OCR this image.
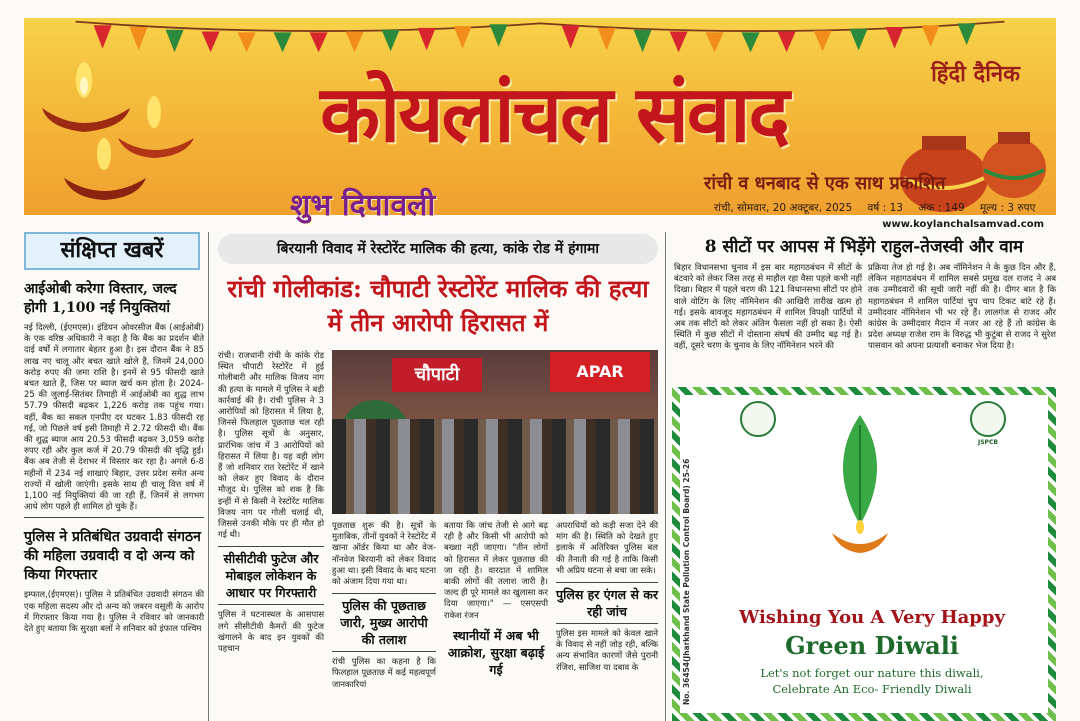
कोयलांचल संवाद	हिंदी दैनिक
शुभ दिपावली
रांची व धनबाद से एक साथ प्रकाशित
रांची, सोमवार, 20 अक्टूबर, 2025 वर्ष : 13 अंक : 149 मूल्य : 3 रुपए
www.koylanchalsamvad.com
संक्षिप्त खबरें
आईओबी करेगा विस्तार, जल्द होगी 1,100 नई नियुक्तियां
नई दिल्ली, (ईएमएस)। इंडियन ओवरसीज बैंक (आईओबी) के एक वरिष्ठ अधिकारी ने कहा है कि बैंक का प्रदर्शन बीते दाई वर्षों में लगातार बेहतर हुआ है। इस दौरान बैंक ने 85 लाख नए चालू और बचत खाते खोले हैं, जिनमें 24,000 करोड़ रुपए की जमा राशि है। इनमें से 95 फीसदी खाते बचत खाते हैं, जिस पर ब्याज खर्च कम होता है। 2024-25 की जुलाई-सितंबर तिमाही में आईओबी का शुद्ध लाभ 57.79 फीसदी बढ़कर 1,226 करोड़ तक पहुंच गया। वहीं, बैंक का सकल एनपीए दर घटकर 1.83 फीसदी रह गई, जो पिछले वर्ष इसी तिमाही में 2.72 फीसदी थी। बैंक की शुद्ध ब्याज आय 20.53 फीसदी बढ़कर 3,059 करोड़ रुपए रही और कुल कर्ज में 20.79 फीसदी की वृद्धि हुई। बैंक अब तेजी से देशभर में विस्तार कर रहा है। अगले 6-8 महीनों में 234 नई शाखाएं बिहार, उत्तर प्रदेश समेत अन्य राज्यों में खोली जाएंगी। इसके साथ ही चालू वित्त वर्ष में 1,100 नई नियुक्तियां की जा रही हैं, जिनमें से लगभग आधे लोग पहले ही शामिल हो चुके हैं।
पुलिस ने प्रतिबंधित उग्रवादी संगठन की महिला उग्रवादी व दो अन्य को किया गिरफ्तार
इम्फाल,(ईएमएस)। पुलिस ने प्रतिबंधित उग्रवादी संगठन की एक महिला सदस्य और दो अन्य को जबरन वसूली के आरोप में गिरफ्तार किया गया है। पुलिस ने रविवार को जानकारी देते हुए बताया कि सुरक्षा बलों ने शनिवार को इंफाल पश्चिम
बिरयानी विवाद में रेस्टोरेंट मालिक की हत्या, कांके रोड में हंगामा
रांची गोलीकांड: चौपाटी रेस्टोरेंट मालिक की हत्या में तीन आरोपी हिरासत में
चौपाटी	APAR
रांची। राजधानी रांची के कांके रोड स्थित चौपाटी रेस्टोरेंट में हुई गोलीबारी और मालिक विजय नाग की हत्या के मामले में पुलिस ने बड़ी कार्रवाई की है। रांची पुलिस ने 3 आरोपियों को हिरासत में लिया है, जिनसे फिलहाल पूछताछ चल रही है। पुलिस सूत्रों के अनुसार, प्रारंभिक जांच में 3 आरोपियों को हिरासत में लिया है। यह वही लोग हैं जो शनिवार रात रेस्टोरेंट में खाने को लेकर हुए विवाद के दौरान मौजूद थे। पुलिस को शक है कि इन्हीं में से किसी ने रेस्टोरेंट मालिक विजय नाग पर गोली चलाई थी, जिससे उनकी मौके पर ही मौत हो गई थी।
सीसीटीवी फुटेज और मोबाइल लोकेशन के आधार पर गिरफ्तारी
पुलिस ने घटनास्थल के आसपास लगे सीसीटीवी कैमरों की फुटेज खंगालने के बाद इन युवकों की पहचान
पूछताछ शुरू की है। सूत्रों के मुताबिक, तीनों युवकों ने रेस्टोरेंट में खाना ऑर्डर किया था और वेज-नॉनवेज बिरयानी को लेकर विवाद हुआ था। इसी विवाद के बाद घटना को अंजाम दिया गया था।
पुलिस की पूछताछ जारी, मुख्य आरोपी की तलाश
रांची पुलिस का कहना है कि फिलहाल पूछताछ में कई महत्वपूर्ण जानकारियां
बताया कि जांच तेजी से आगे बढ़ रही है और किसी भी आरोपी को बख्शा नहीं जाएगा। "तीन लोगों को हिरासत में लेकर पूछताछ की जा रही है। वारदात में शामिल बाकी लोगों की तलाश जारी है। जल्द ही पूरे मामले का खुलासा कर दिया जाएगा।" — एसएसपी राकेश रंजन
स्थानीयों में अब भी आक्रोश, सुरक्षा बढ़ाई गई
अपराधियों को कड़ी सजा देने की मांग की है। स्थिति को देखते हुए इलाके में अतिरिक्त पुलिस बल की तैनाती की गई है ताकि किसी भी अप्रिय घटना से बचा जा सके।
पुलिस हर एंगल से कर रही जांच
पुलिस इस मामले को केवल खाने के विवाद से नहीं जोड़ रही, बल्कि अन्य संभावित कारणों जैसे पुरानी रंजिश, साजिश या दबाव के
8 सीटों पर आपस में भिड़ेंगे राहुल-तेजस्वी और वाम
बिहार विधानसभा चुनाव में इस बार महागठबंधन में सीटों के बंटवारे को लेकर जिस तरह से माहौल रहा वैसा पहले कभी नहीं दिखा। बिहार में पहले चरण की 121 विधानसभा सीटों पर होने वाले वोटिंग के लिए नॉमिनेशन की आखिरी तारीख खत्म हो गई। इसके बावजूद महागठबंधन में शामिल विपक्षी पार्टियों में अब तक सीटों को लेकर अंतिम फैसला नहीं हो सका है। ऐसी स्थिति में कुछ सीटों में दोस्ताना संघर्ष की उम्मीद बढ़ गई है। वहीं, दूसरे चरण के चुनाव के लिए नॉमिनेशन भरने की
प्रक्रिया तेज हो गई है। अब नॉमिनेशन ने के कुछ दिन और हैं, लेकिन महागठबंधन में शामिल सबसे प्रमुख दल राजद ने अब तक उम्मीदवारों की सूची जारी नहीं की है। दीगर बात है कि महागठबंधन में शामिल पार्टियां चुप चाप टिकट बांटे रहे हैं। उम्मीदवार नॉमिनेशन भी भर रहे हैं। लालगंज से राजद और कांग्रेस के उम्मीदवार मैदान में नजर आ रहे हैं तो कांग्रेस के प्रदेश अध्यक्ष राजेश राम के विरुद्ध भी कुटुंबा से राजद ने सुरेश पासवान को अपना प्रत्याशी बनाकर भेज दिया है।
No. 36454(Jharkhand State Pollution Control Board) 25-26
JSPCB
Wishing You A Very Happy
Green Diwali
Let's not forget our nature this diwali,
Celebrate An Eco- Friendly Diwali
